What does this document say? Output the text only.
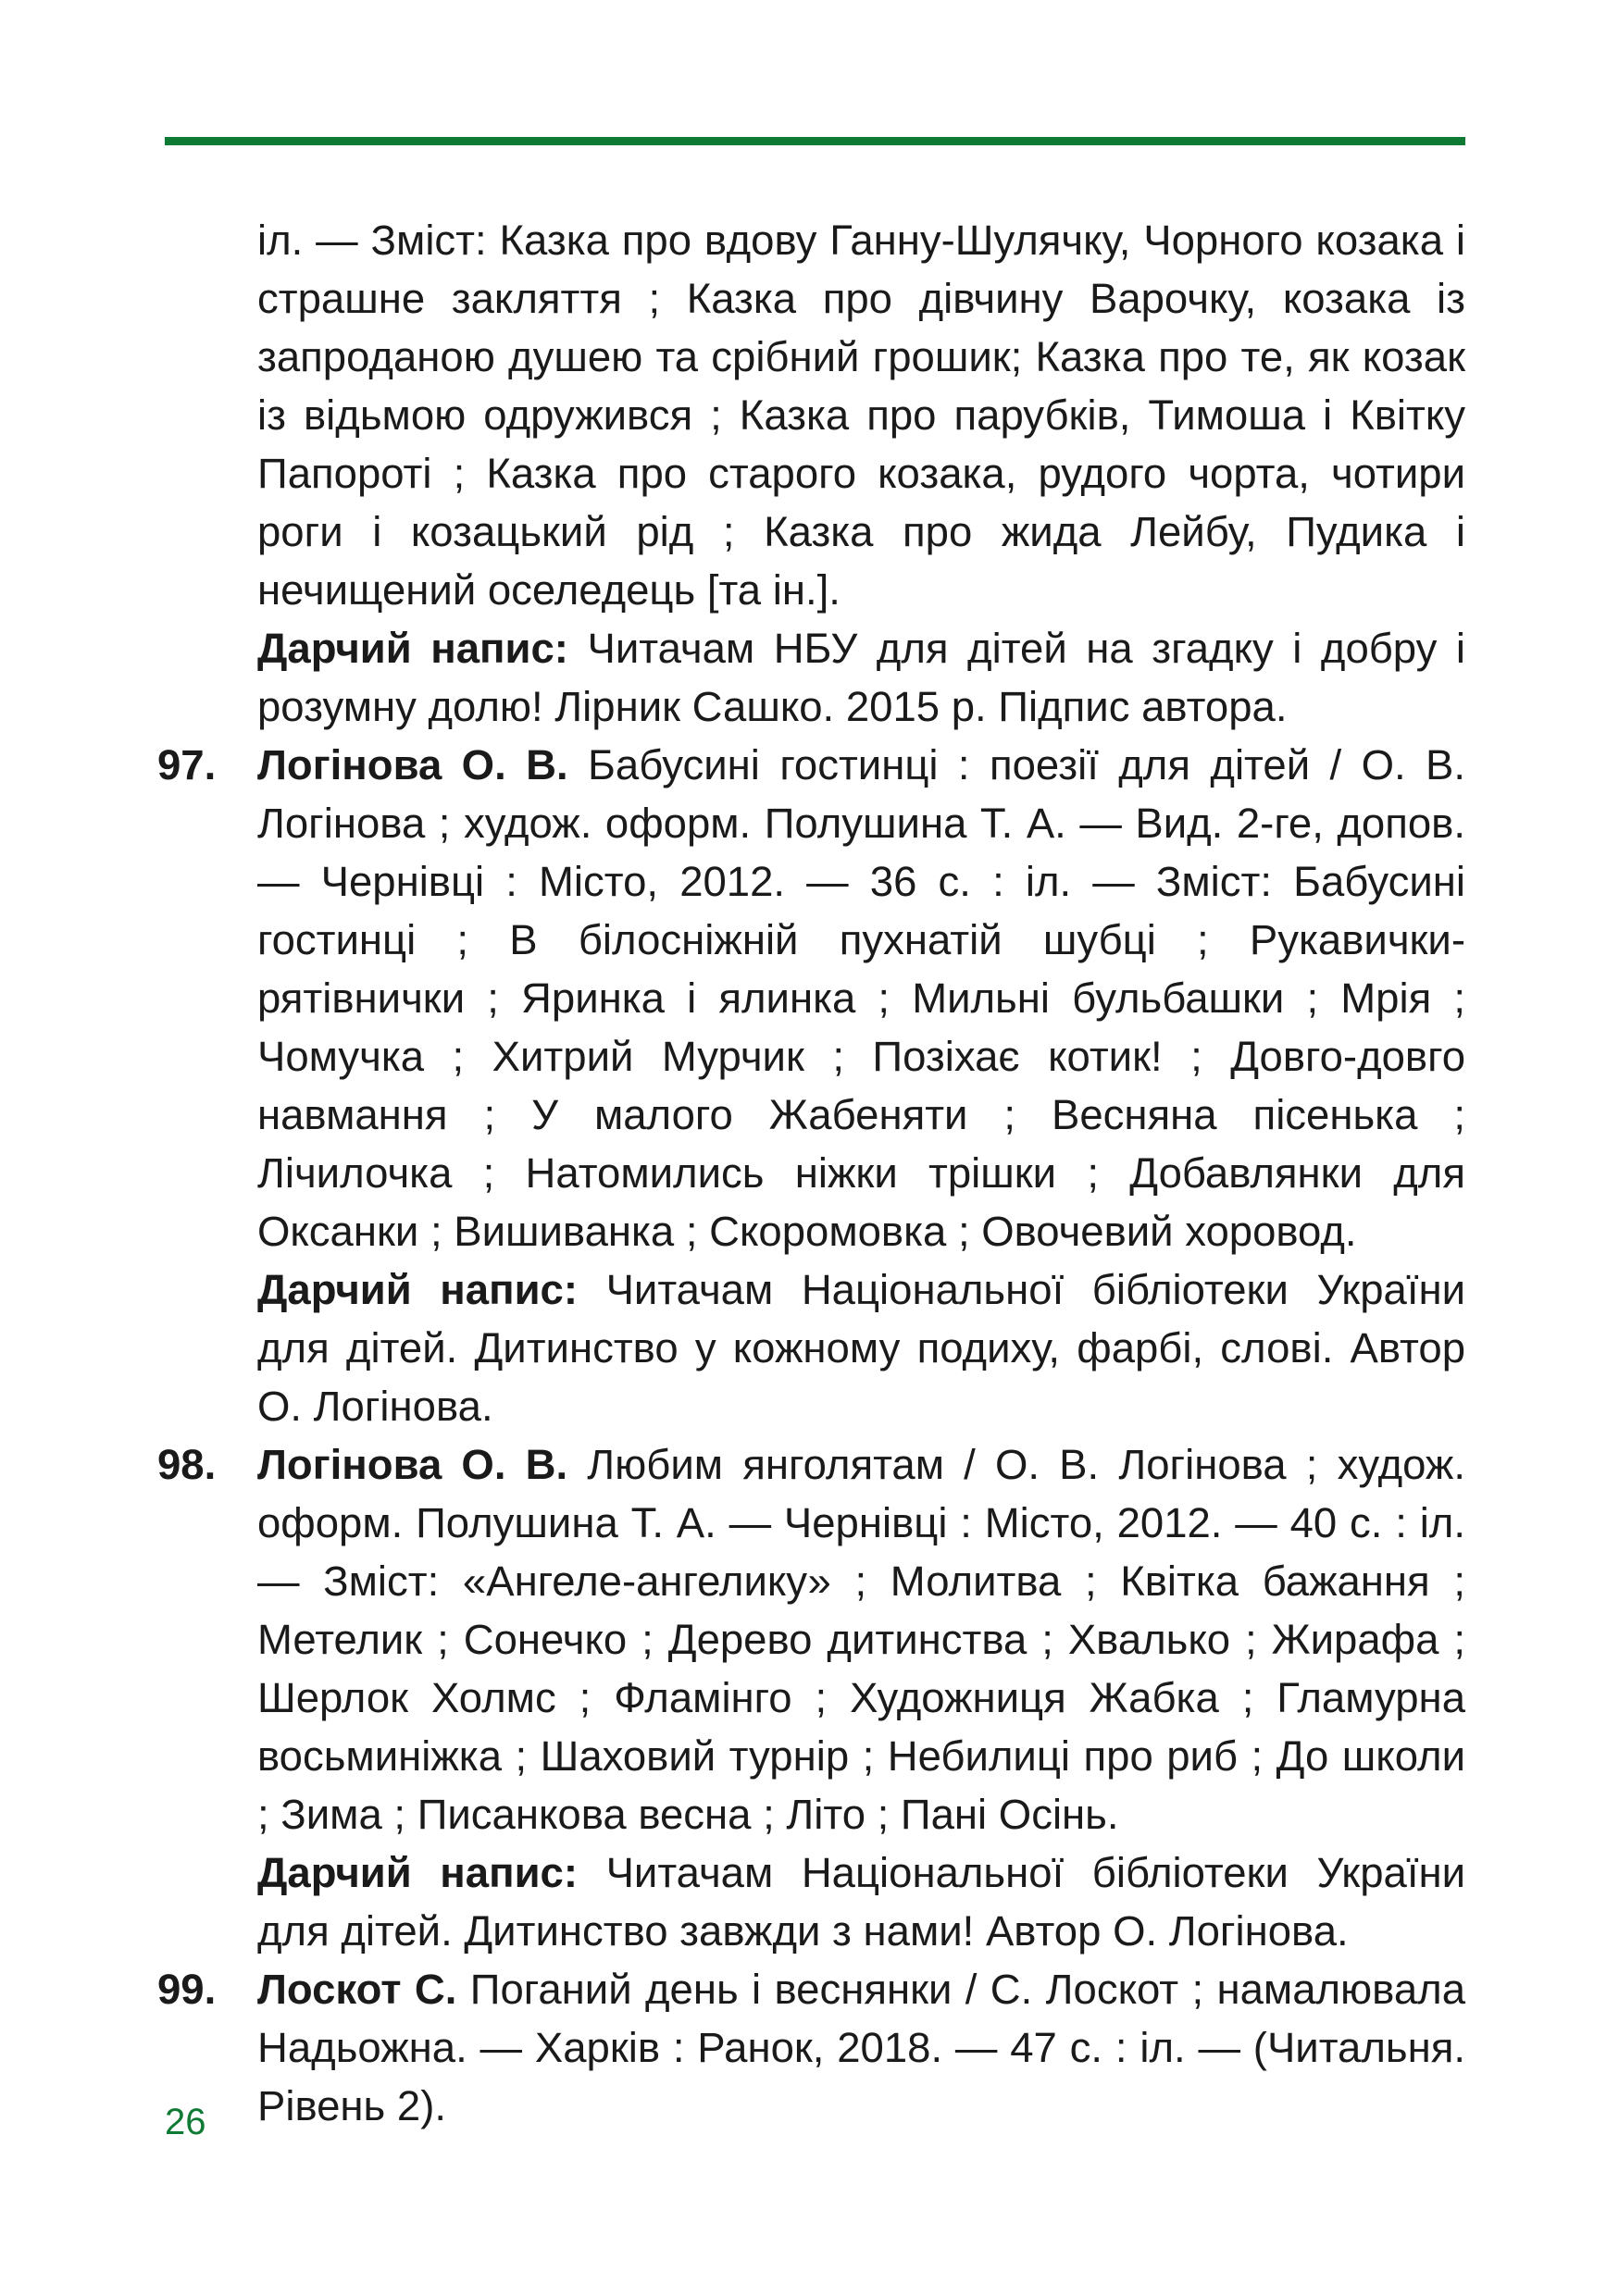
іл. — Зміст: Казка про вдову Ганну-Шулячку, Чорного козака і страшне закляття ; Казка про дівчину Варочку, козака із запроданою душею та срібний грошик; Казка про те, як козак із відьмою одружився ; Казка про парубків, Тимоша і Квітку Папороті ; Казка про старого козака, рудого чорта, чотири роги і козацький рід ; Казка про жида Лейбу, Пудика і нечищений оселедець [та ін.].

Дарчий напис: Читачам НБУ для дітей на згадку і добру і розумну долю! Лірник Сашко. 2015 р. Підпис автора.

97. Логінова О. В. Бабусині гостинці : поезії для дітей / О. В. Логінова ; худож. оформ. Полушина Т. А. — Вид. 2-ге, допов. — Чернівці : Місто, 2012. — 36 с. : іл. — Зміст: Бабусині гостинці ; В білосніжній пухнатій шубці ; Рукавички-рятівнички ; Яринка і ялинка ; Мильні бульбашки ; Мрія ; Чомучка ; Хитрий Мурчик ; Позіхає котик! ; Довго-довго навмання ; У малого Жабеняти ; Весняна пісенька ; Лічилочка ; Натомились ніжки трішки ; Добавлянки для Оксанки ; Вишиванка ; Скоромовка ; Овочевий хоровод.

Дарчий напис: Читачам Національної бібліотеки України для дітей. Дитинство у кожному подиху, фарбі, слові. Автор О. Логінова.

98. Логінова О. В. Любим янголятам / О. В. Логінова ; худож. оформ. Полушина Т. А. — Чернівці : Місто, 2012. — 40 с. : іл. — Зміст: «Ангеле-ангелику» ; Молитва ; Квітка бажання ; Метелик ; Сонечко ; Дерево дитинства ; Хвалько ; Жирафа ; Шерлок Холмс ; Фламінго ; Художниця Жабка ; Гламурна восьминіжка ; Шаховий турнір ; Небилиці про риб ; До школи ; Зима ; Писанкова весна ; Літо ; Пані Осінь.

Дарчий напис: Читачам Національної бібліотеки України для дітей. Дитинство завжди з нами! Автор О. Логінова.

99. Лоскот С. Поганий день і веснянки / С. Лоскот ; намалювала Надьожна. — Харків : Ранок, 2018. — 47 с. : іл. — (Читальня. Рівень 2).

26
